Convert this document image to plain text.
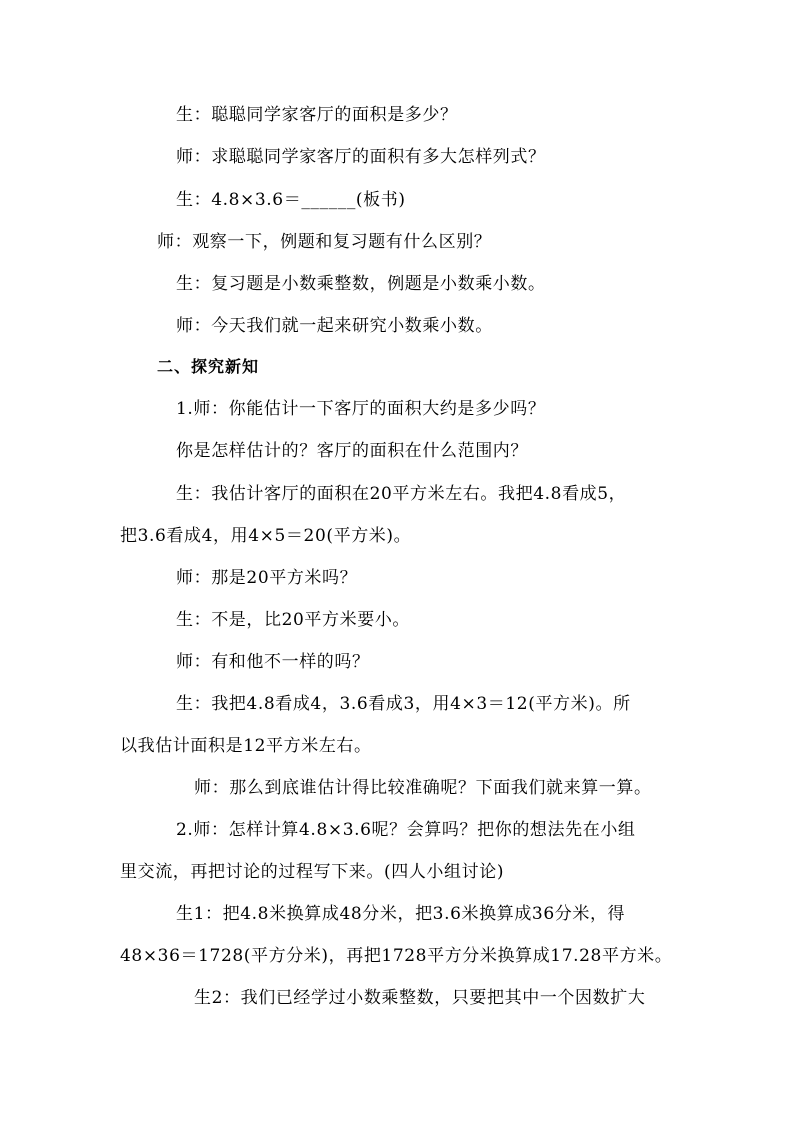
生：聪聪同学家客厅的面积是多少？
师：求聪聪同学家客厅的面积有多大怎样列式？
生：4.8×3.6＝______(板书)
师：观察一下，例题和复习题有什么区别？
生：复习题是小数乘整数，例题是小数乘小数。
师：今天我们就一起来研究小数乘小数。
二、探究新知
1.师：你能估计一下客厅的面积大约是多少吗？
你是怎样估计的？客厅的面积在什么范围内？
生：我估计客厅的面积在20平方米左右。我把4.8看成5，
把3.6看成4，用4×5＝20(平方米)。
师：那是20平方米吗？
生：不是，比20平方米要小。
师：有和他不一样的吗？
生：我把4.8看成4，3.6看成3，用4×3＝12(平方米)。所
以我估计面积是12平方米左右。
师：那么到底谁估计得比较准确呢？下面我们就来算一算。
2.师：怎样计算4.8×3.6呢？会算吗？把你的想法先在小组
里交流，再把讨论的过程写下来。(四人小组讨论)
生1：把4.8米换算成48分米，把3.6米换算成36分米，得
48×36＝1728(平方分米)，再把1728平方分米换算成17.28平方米。
生2：我们已经学过小数乘整数，只要把其中一个因数扩大
